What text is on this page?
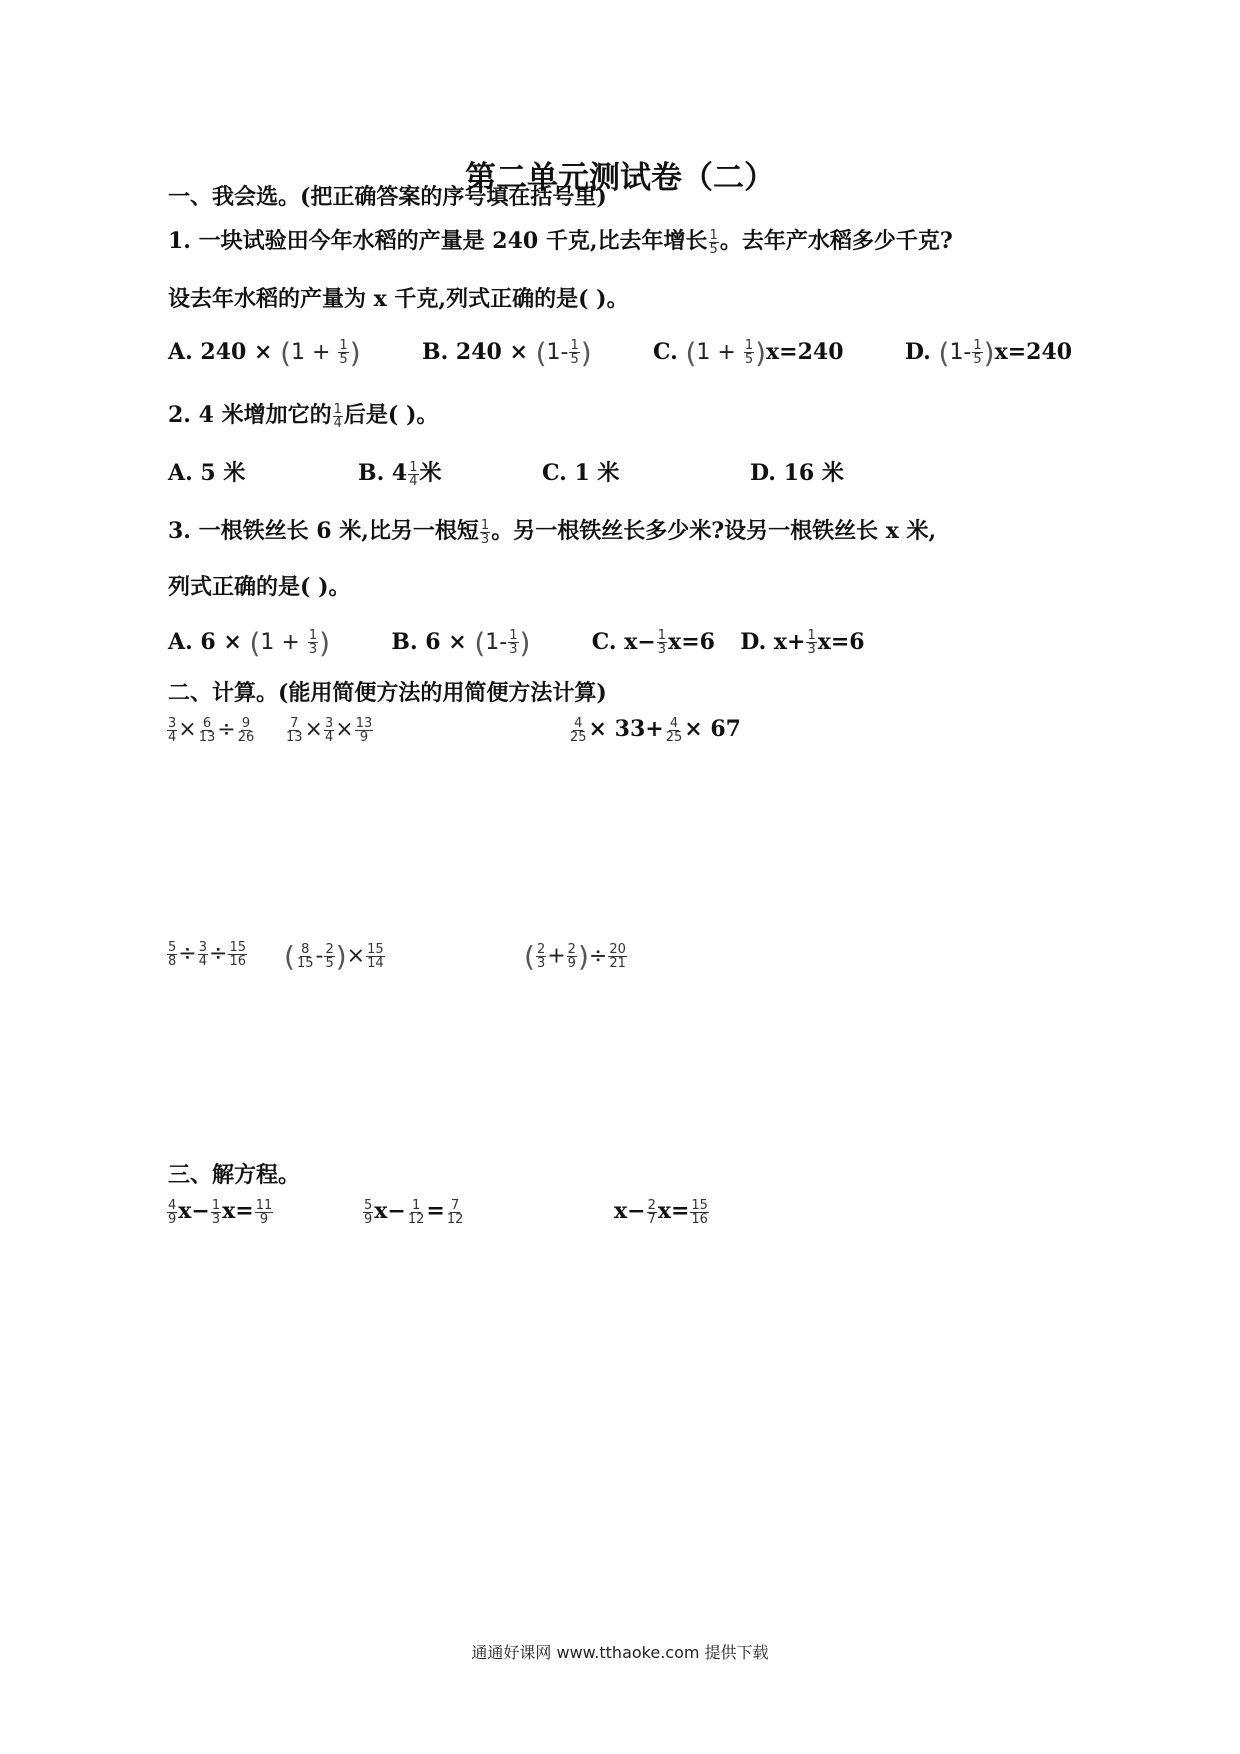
第二单元测试卷（二）
一、我会选。(把正确答案的序号填在括号里)
1. 一块试验田今年水稻的产量是 240 千克,比去年增长 $\frac{1}{5}$ 。去年产水稻多少千克?
设去年水稻的产量为 x 千克,列式正确的是( )。
A. $240 \times (1 + \frac{1}{5}$ )	B. $240 \times (1- \frac{1}{5}$ )	C. $(1 + \frac{1}{5} )x=240$	D. $(1- \frac{1}{5} )x=240$
2. 4 米增加它的 $\frac{1}{4}$ 后是( )。
A. 5 米	B. $4 \frac{1}{4}$ 米	C. 1 米	D. 16 米
3. 一根铁丝长 6 米,比另一根短 $\frac{1}{3}$ 。另一根铁丝长多少米?设另一根铁丝长 x 米,
列式正确的是( )。
A. $6 \times (1 + \frac{1}{3}$ )	B. $6 \times (1- \frac{1}{3}$ )	C. $x- \frac{1}{3} x=6$ D. $x+ \frac{1}{3} x=6$
二、计算。(能用简便方法的用简便方法计算)
$\frac{3}{4} \times \frac{6}{13} \div \frac{9}{26} \frac{7}{13} \times \frac{3}{4} \times \frac{13}{9}$	$\frac{4}{25} \times 33+ \frac{4}{25} \times 67$
$\frac{5}{8} \div \frac{3}{4} \div \frac{15}{16}$ ( $\frac{8}{15} - \frac{2}{5}$ )× $\frac{15}{14}$	( $\frac{2}{3} + \frac{2}{9}$ )÷ $\frac{20}{21}$
三、解方程。
$\frac{4}{9} x- \frac{1}{3} x= \frac{11}{9}$	$\frac{5}{9} x- \frac{1}{12} = \frac{7}{12}$	$x- \frac{2}{7} x= \frac{15}{16}$
通通好课网 www.tthaoke.com 提供下载
